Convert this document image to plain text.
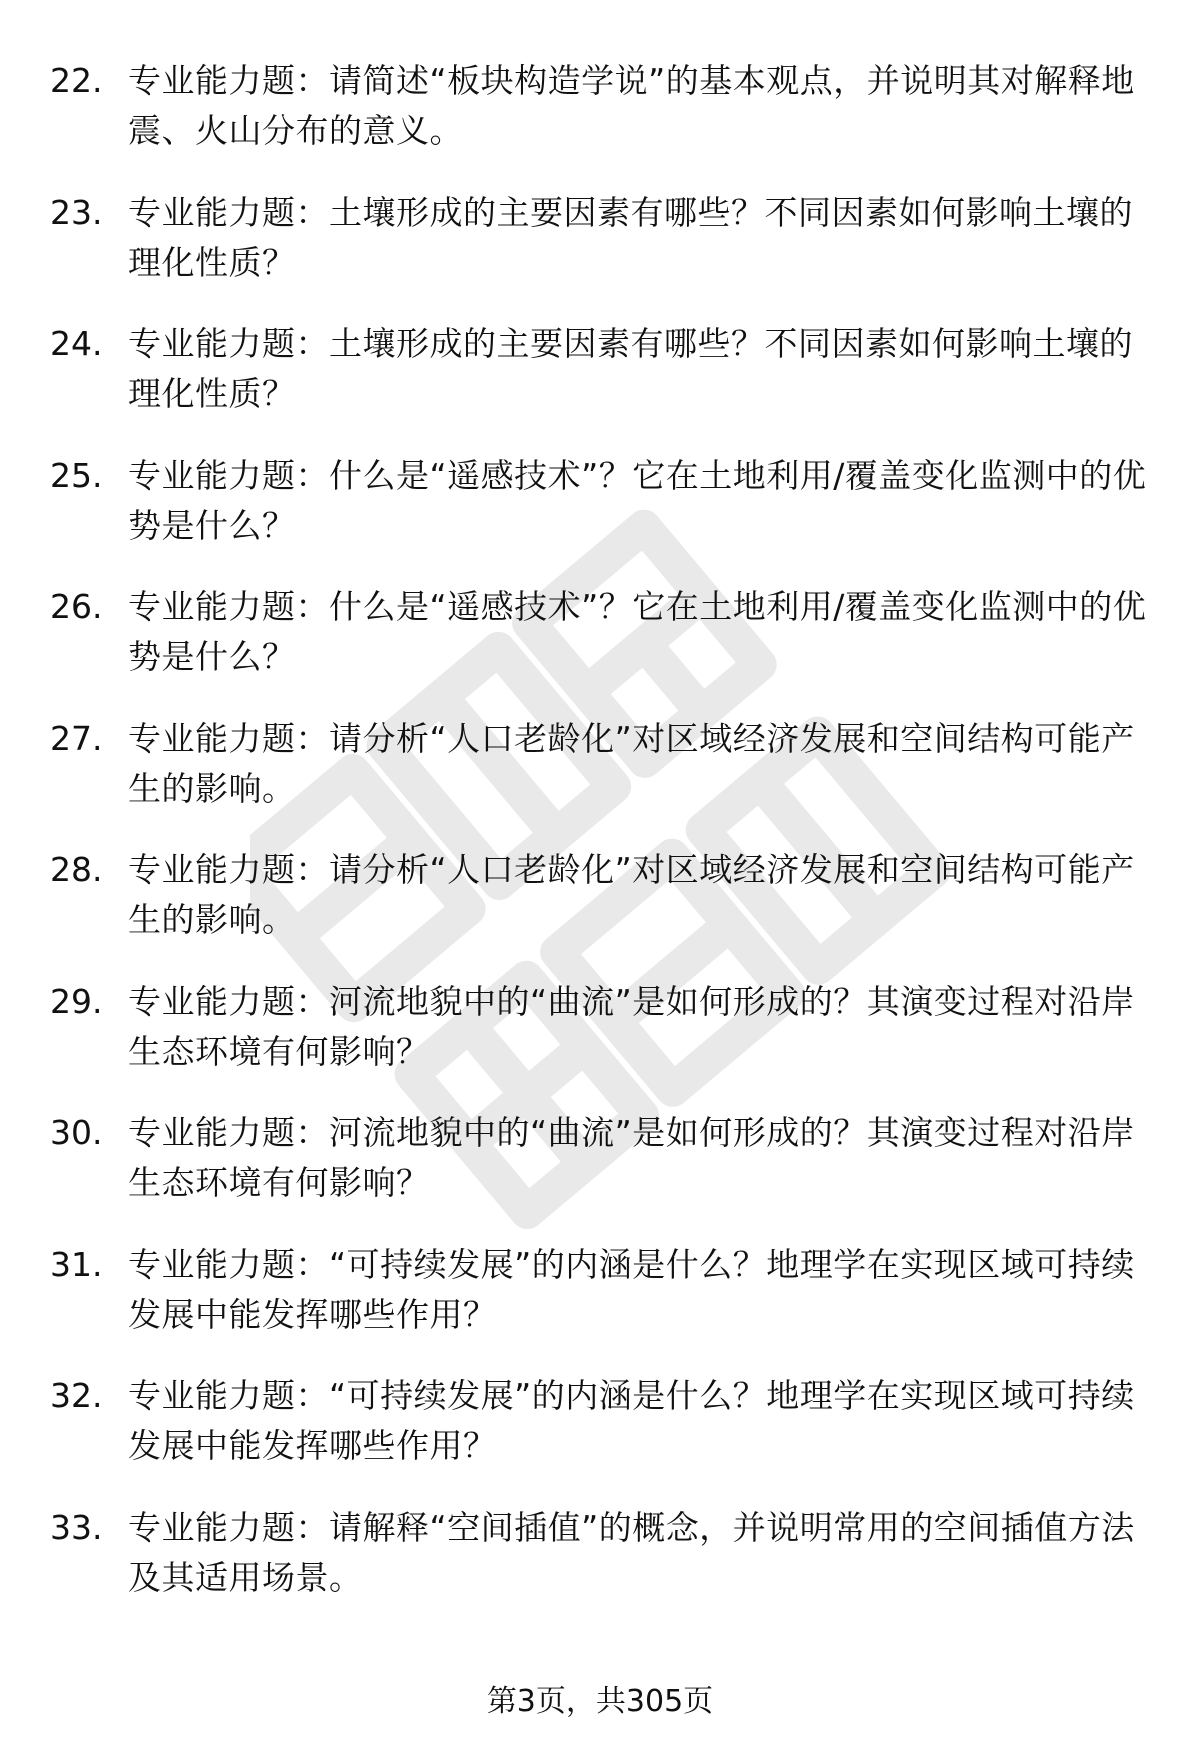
22. 专业能力题：请简述“板块构造学说”的基本观点，并说明其对解释地震、火山分布的意义。
23. 专业能力题：土壤形成的主要因素有哪些？不同因素如何影响土壤的理化性质？
24. 专业能力题：土壤形成的主要因素有哪些？不同因素如何影响土壤的理化性质？
25. 专业能力题：什么是“遥感技术”？它在土地利用/覆盖变化监测中的优势是什么？
26. 专业能力题：什么是“遥感技术”？它在土地利用/覆盖变化监测中的优势是什么？
27. 专业能力题：请分析“人口老龄化”对区域经济发展和空间结构可能产生的影响。
28. 专业能力题：请分析“人口老龄化”对区域经济发展和空间结构可能产生的影响。
29. 专业能力题：河流地貌中的“曲流”是如何形成的？其演变过程对沿岸生态环境有何影响？
30. 专业能力题：河流地貌中的“曲流”是如何形成的？其演变过程对沿岸生态环境有何影响？
31. 专业能力题：“可持续发展”的内涵是什么？地理学在实现区域可持续发展中能发挥哪些作用？
32. 专业能力题：“可持续发展”的内涵是什么？地理学在实现区域可持续发展中能发挥哪些作用？
33. 专业能力题：请解释“空间插值”的概念，并说明常用的空间插值方法及其适用场景。
第3页，共305页
